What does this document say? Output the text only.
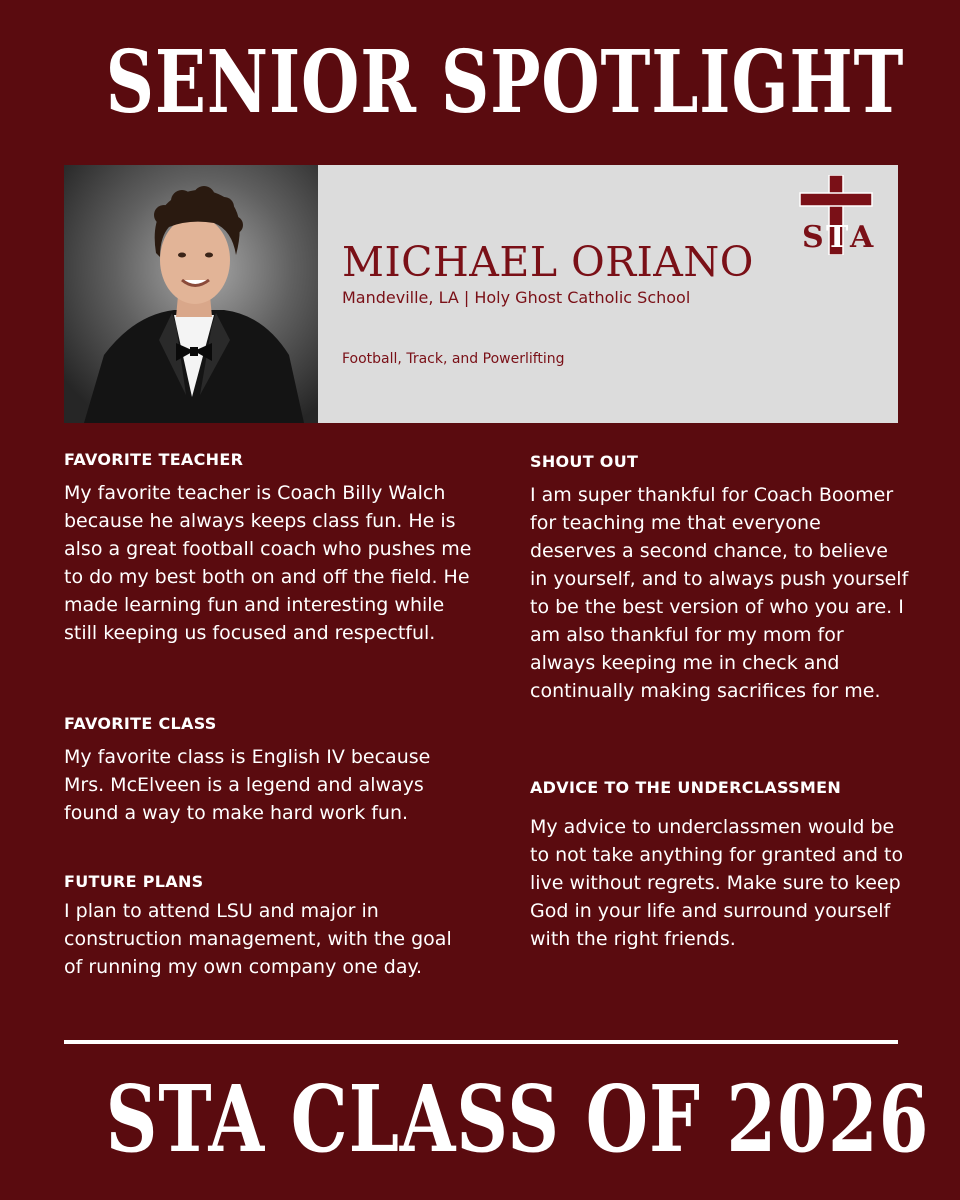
SENIOR SPOTLIGHT
MICHAEL ORIANO
Mandeville, LA | Holy Ghost Catholic School
Football, Track, and Powerlifting
S T A
FAVORITE TEACHER
My favorite teacher is Coach Billy Walch because he always keeps class fun. He is also a great football coach who pushes me to do my best both on and off the field. He made learning fun and interesting while still keeping us focused and respectful.
FAVORITE CLASS
My favorite class is English IV because Mrs. McElveen is a legend and always found a way to make hard work fun.
FUTURE PLANS
I plan to attend LSU and major in construction management, with the goal of running my own company one day.
SHOUT OUT
I am super thankful for Coach Boomer for teaching me that everyone deserves a second chance, to believe in yourself, and to always push yourself to be the best version of who you are. I am also thankful for my mom for always keeping me in check and continually making sacrifices for me.
ADVICE TO THE UNDERCLASSMEN
My advice to underclassmen would be to not take anything for granted and to live without regrets. Make sure to keep God in your life and surround yourself with the right friends.
STA CLASS OF 2026
